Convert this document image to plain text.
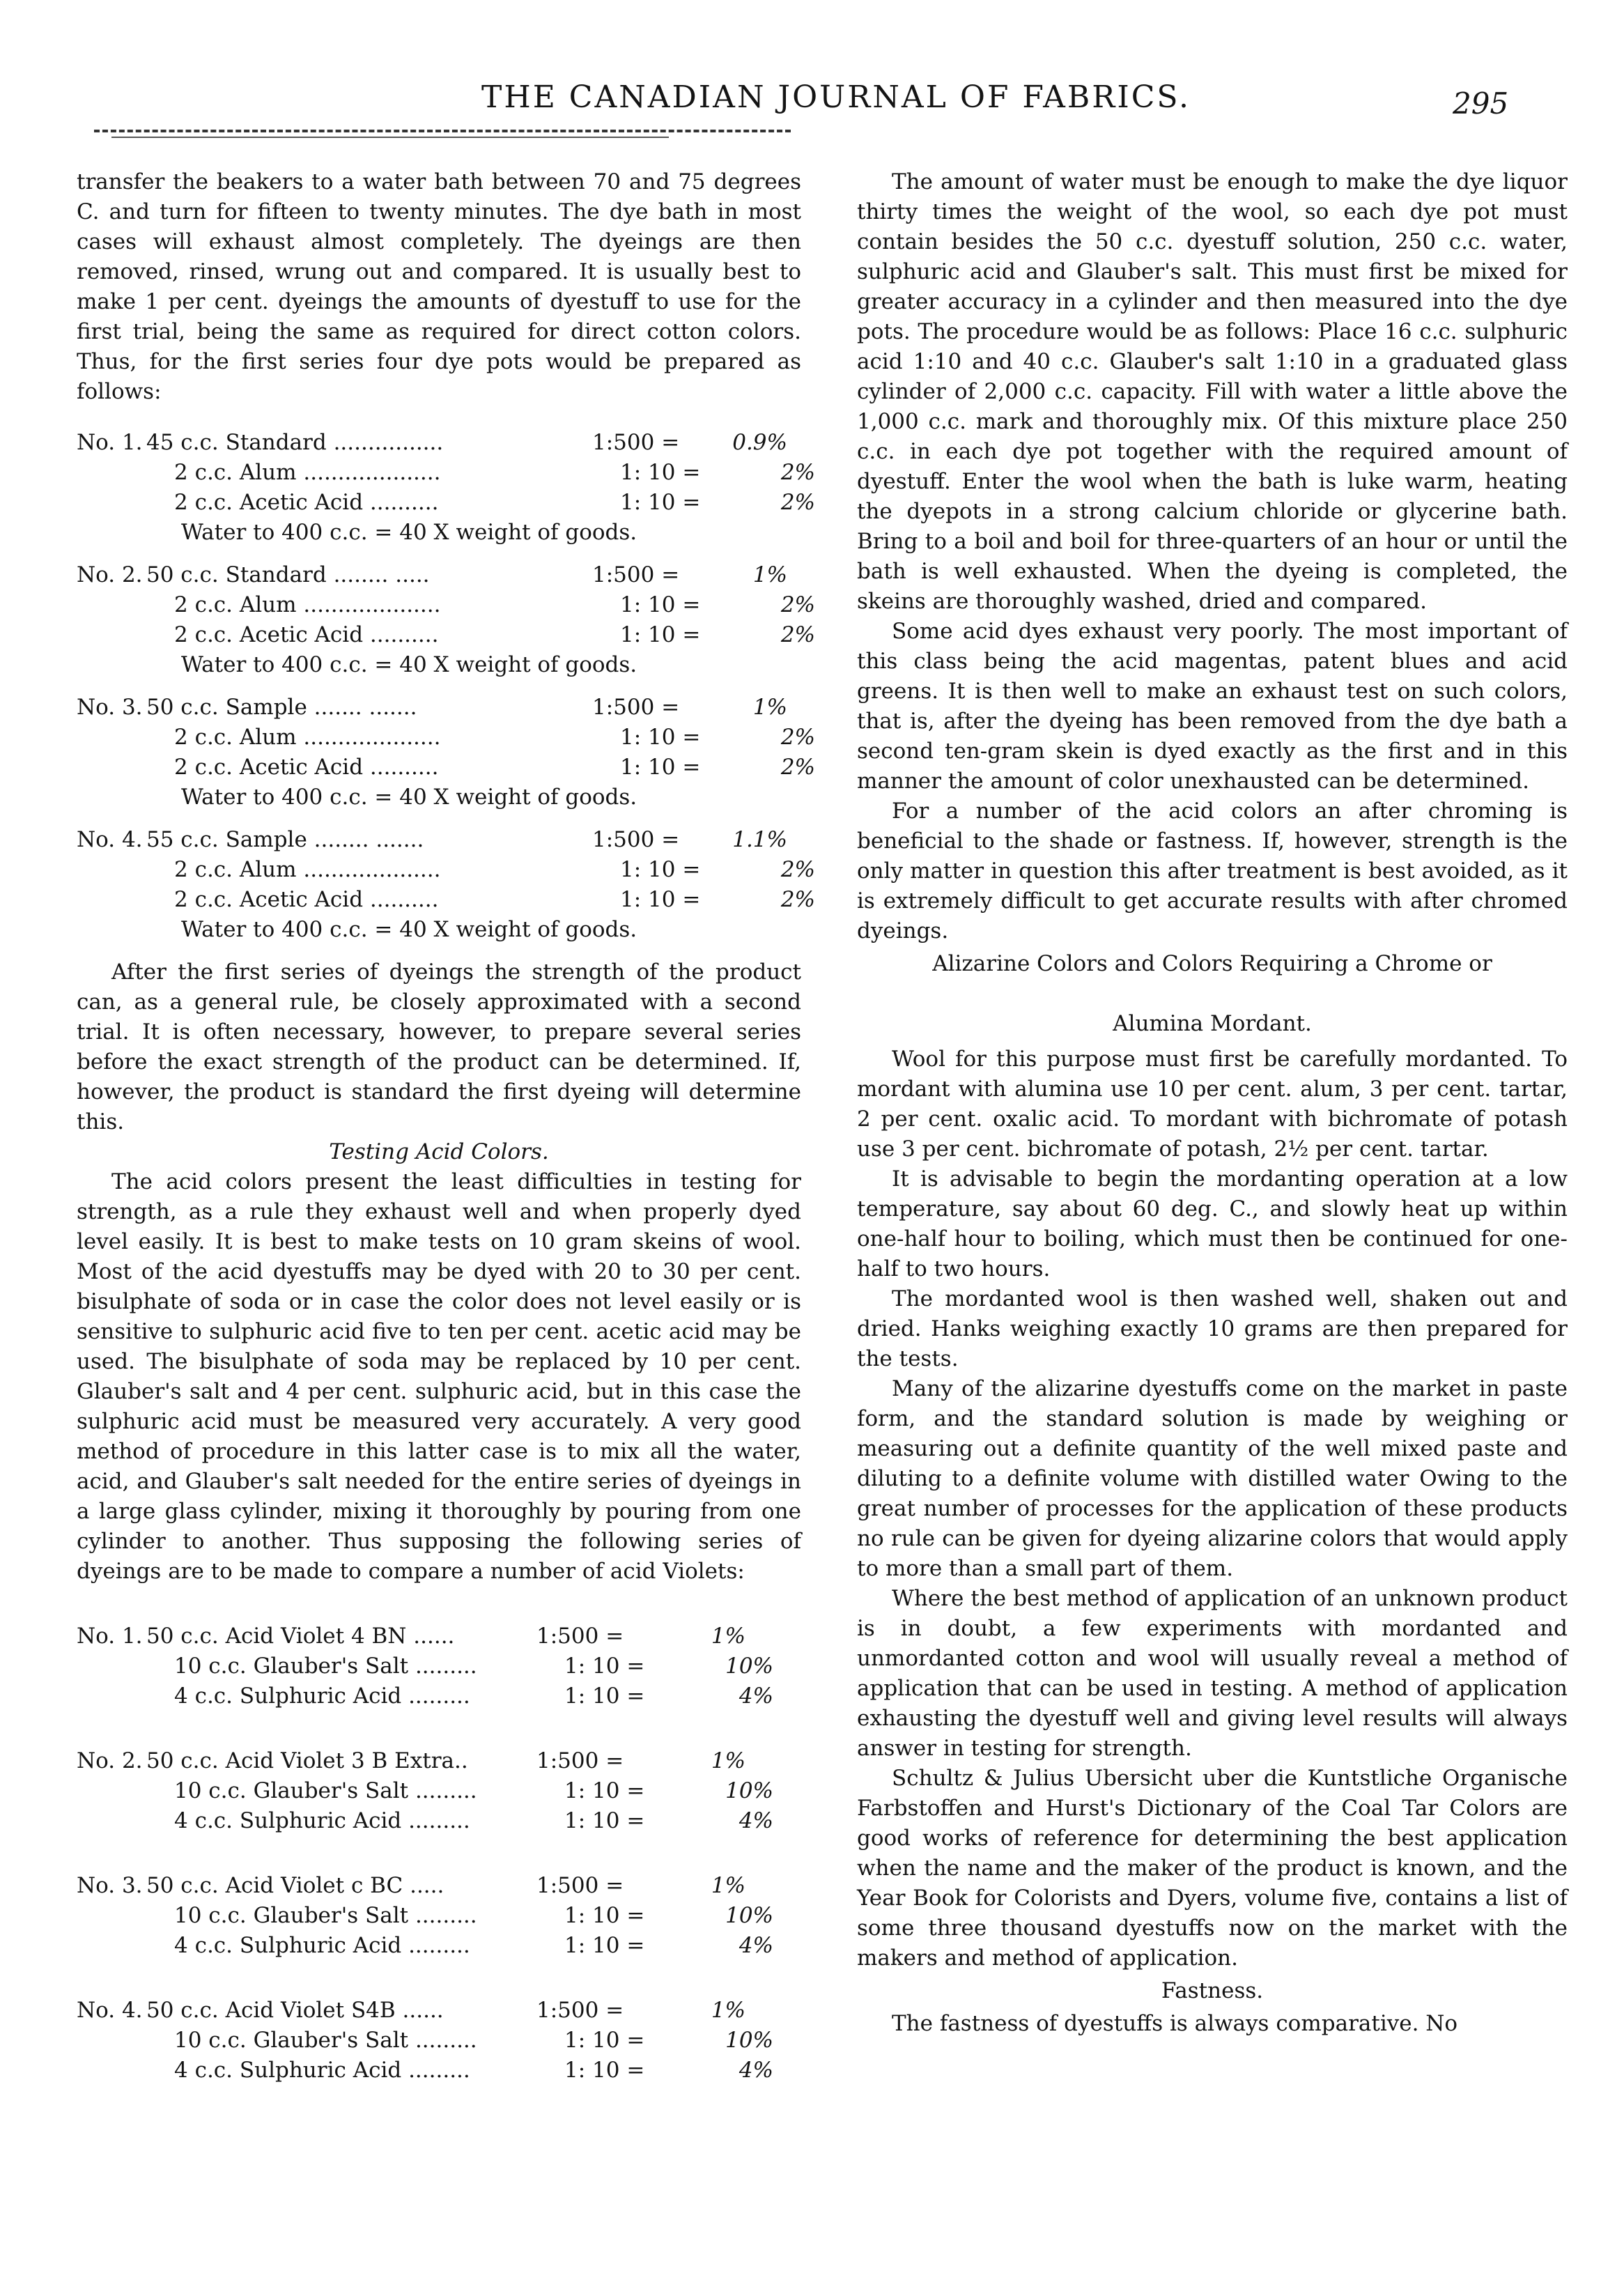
THE CANADIAN JOURNAL OF FABRICS.	295

transfer the beakers to a water bath between 70 and 75 degrees C. and turn for fifteen to twenty minutes. The dye bath in most cases will exhaust almost completely. The dyeings are then removed, rinsed, wrung out and compared. It is usually best to make 1 per cent. dyeings the amounts of dyestuff to use for the first trial, being the same as required for direct cotton colors. Thus, for the first series four dye pots would be prepared as follows:

No. 1. 45 c.c. Standard ................	1:500 =	0.9%
2 c.c. Alum ....................	1: 10 =	2%
2 c.c. Acetic Acid ..........	1: 10 =	2%
Water to 400 c.c. = 40 X weight of goods.
No. 2. 50 c.c. Standard ........ .....	1:500 =	1%
2 c.c. Alum ....................	1: 10 =	2%
2 c.c. Acetic Acid ..........	1: 10 =	2%
Water to 400 c.c. = 40 X weight of goods.
No. 3. 50 c.c. Sample ....... .......	1:500 =	1%
2 c.c. Alum ....................	1: 10 =	2%
2 c.c. Acetic Acid ..........	1: 10 =	2%
Water to 400 c.c. = 40 X weight of goods.
No. 4. 55 c.c. Sample ........ .......	1:500 =	1.1%
2 c.c. Alum ....................	1: 10 =	2%
2 c.c. Acetic Acid ..........	1: 10 =	2%
Water to 400 c.c. = 40 X weight of goods.

After the first series of dyeings the strength of the product can, as a general rule, be closely approximated with a second trial. It is often necessary, however, to prepare several series before the exact strength of the product can be determined. If, however, the product is standard the first dyeing will determine this.

Testing Acid Colors.

The acid colors present the least difficulties in testing for strength, as a rule they exhaust well and when properly dyed level easily. It is best to make tests on 10 gram skeins of wool. Most of the acid dyestuffs may be dyed with 20 to 30 per cent. bisulphate of soda or in case the color does not level easily or is sensitive to sulphuric acid five to ten per cent. acetic acid may be used. The bisulphate of soda may be replaced by 10 per cent. Glauber's salt and 4 per cent. sulphuric acid, but in this case the sulphuric acid must be measured very accurately. A very good method of procedure in this latter case is to mix all the water, acid, and Glauber's salt needed for the entire series of dyeings in a large glass cylinder, mixing it thoroughly by pouring from one cylinder to another. Thus supposing the following series of dyeings are to be made to compare a number of acid Violets:

No. 1. 50 c.c. Acid Violet 4 BN ......	1:500 =	1%
10 c.c. Glauber's Salt .........	1: 10 =	10%
4 c.c. Sulphuric Acid .........	1: 10 =	4%
No. 2. 50 c.c. Acid Violet 3 B Extra..	1:500 =	1%
10 c.c. Glauber's Salt .........	1: 10 =	10%
4 c.c. Sulphuric Acid .........	1: 10 =	4%
No. 3. 50 c.c. Acid Violet c BC .....	1:500 =	1%
10 c.c. Glauber's Salt .........	1: 10 =	10%
4 c.c. Sulphuric Acid .........	1: 10 =	4%
No. 4. 50 c.c. Acid Violet S4B ......	1:500 =	1%
10 c.c. Glauber's Salt .........	1: 10 =	10%
4 c.c. Sulphuric Acid .........	1: 10 =	4%

The amount of water must be enough to make the dye liquor thirty times the weight of the wool, so each dye pot must contain besides the 50 c.c. dyestuff solution, 250 c.c. water, sulphuric acid and Glauber's salt. This must first be mixed for greater accuracy in a cylinder and then measured into the dye pots. The procedure would be as follows: Place 16 c.c. sulphuric acid 1:10 and 40 c.c. Glauber's salt 1:10 in a graduated glass cylinder of 2,000 c.c. capacity. Fill with water a little above the 1,000 c.c. mark and thoroughly mix. Of this mixture place 250 c.c. in each dye pot together with the required amount of dyestuff. Enter the wool when the bath is luke warm, heating the dyepots in a strong calcium chloride or glycerine bath. Bring to a boil and boil for three-quarters of an hour or until the bath is well exhausted. When the dyeing is completed, the skeins are thoroughly washed, dried and compared.

Some acid dyes exhaust very poorly. The most important of this class being the acid magentas, patent blues and acid greens. It is then well to make an exhaust test on such colors, that is, after the dyeing has been removed from the dye bath a second ten-gram skein is dyed exactly as the first and in this manner the amount of color unexhausted can be determined.

For a number of the acid colors an after chroming is beneficial to the shade or fastness. If, however, strength is the only matter in question this after treatment is best avoided, as it is extremely difficult to get accurate results with after chromed dyeings.

Alizarine Colors and Colors Requiring a Chrome or

Alumina Mordant.

Wool for this purpose must first be carefully mordanted. To mordant with alumina use 10 per cent. alum, 3 per cent. tartar, 2 per cent. oxalic acid. To mordant with bichromate of potash use 3 per cent. bichromate of potash, 2½ per cent. tartar.

It is advisable to begin the mordanting operation at a low temperature, say about 60 deg. C., and slowly heat up within one-half hour to boiling, which must then be continued for one-half to two hours.

The mordanted wool is then washed well, shaken out and dried. Hanks weighing exactly 10 grams are then prepared for the tests.

Many of the alizarine dyestuffs come on the market in paste form, and the standard solution is made by weighing or measuring out a definite quantity of the well mixed paste and diluting to a definite volume with distilled water Owing to the great number of processes for the application of these products no rule can be given for dyeing alizarine colors that would apply to more than a small part of them.

Where the best method of application of an unknown product is in doubt, a few experiments with mordanted and unmordanted cotton and wool will usually reveal a method of application that can be used in testing. A method of application exhausting the dyestuff well and giving level results will always answer in testing for strength.

Schultz & Julius Ubersicht uber die Kuntstliche Organische Farbstoffen and Hurst's Dictionary of the Coal Tar Colors are good works of reference for determining the best application when the name and the maker of the product is known, and the Year Book for Colorists and Dyers, volume five, contains a list of some three thousand dyestuffs now on the market with the makers and method of application.

Fastness.

The fastness of dyestuffs is always comparative. No
